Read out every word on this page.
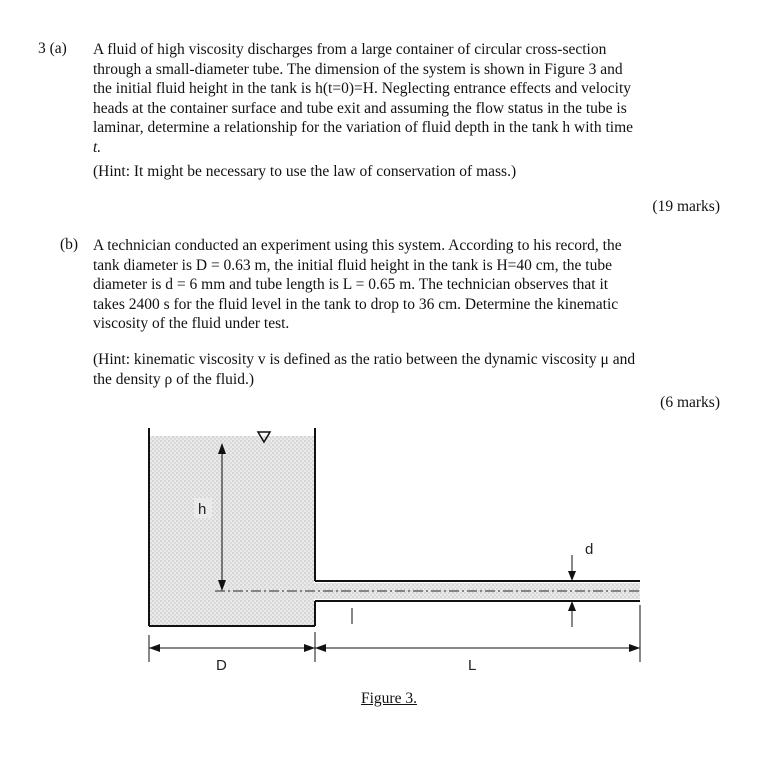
3 (a) A fluid of high viscosity discharges from a large container of circular cross-section
through a small-diameter tube. The dimension of the system is shown in Figure 3 and
the initial fluid height in the tank is h(t=0)=H. Neglecting entrance effects and velocity
heads at the container surface and tube exit and assuming the flow status in the tube is
laminar, determine a relationship for the variation of fluid depth in the tank h with time
t.
(Hint: It might be necessary to use the law of conservation of mass.)
(19 marks)
(b) A technician conducted an experiment using this system. According to his record, the
tank diameter is D = 0.63 m, the initial fluid height in the tank is H=40 cm, the tube
diameter is d = 6 mm and tube length is L = 0.65 m. The technician observes that it
takes 2400 s for the fluid level in the tank to drop to 36 cm. Determine the kinematic
viscosity of the fluid under test.
(Hint: kinematic viscosity v is defined as the ratio between the dynamic viscosity μ and
the density ρ of the fluid.)
(6 marks)
h
d
D	L
Figure 3.
